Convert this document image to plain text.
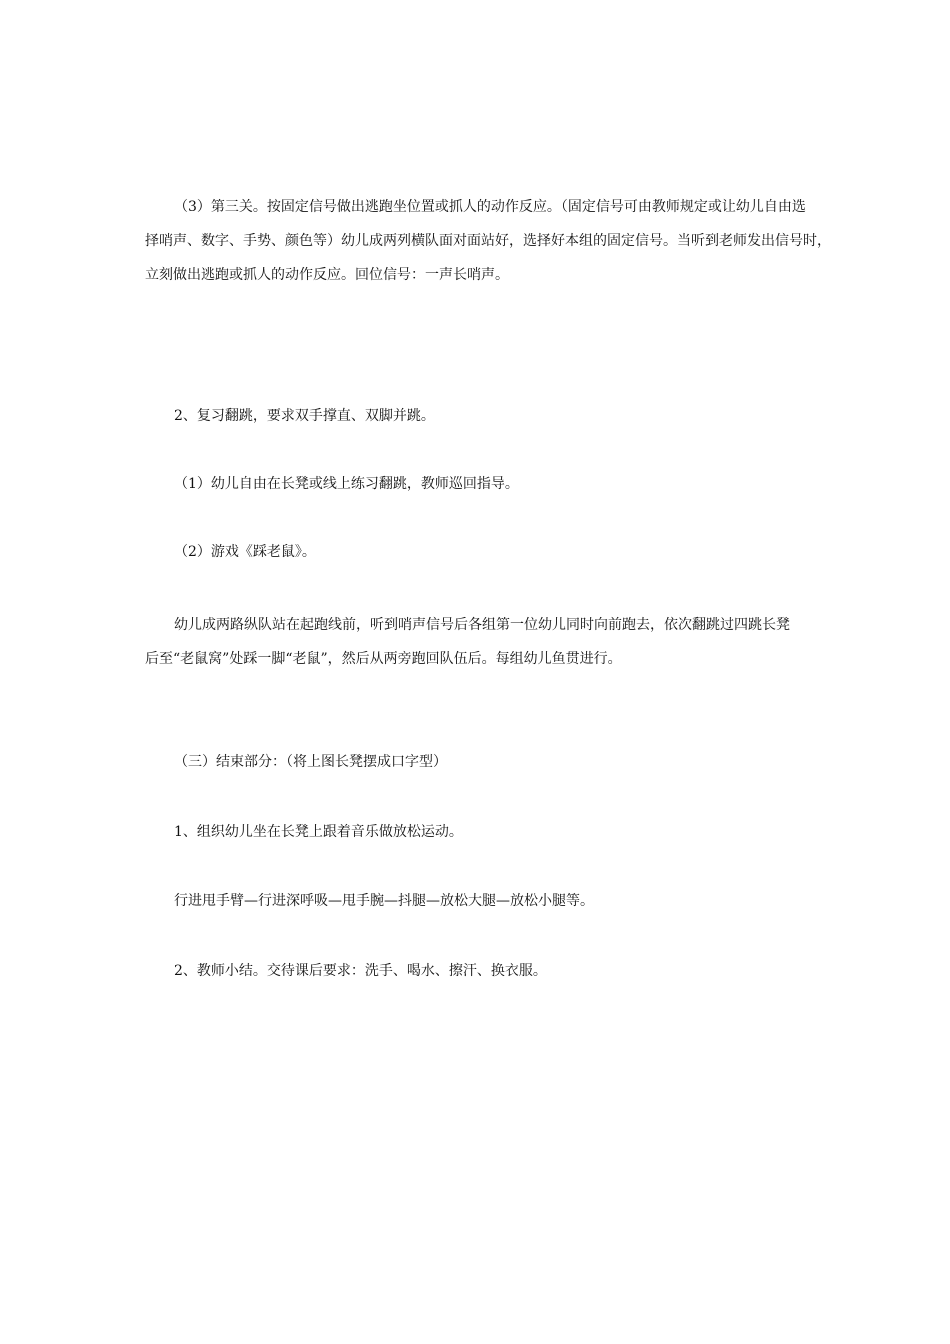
（3）第三关。按固定信号做出逃跑坐位置或抓人的动作反应。（固定信号可由教师规定或让幼儿自由选
择哨声、数字、手势、颜色等）幼儿成两列横队面对面站好，选择好本组的固定信号。当听到老师发出信号时，
立刻做出逃跑或抓人的动作反应。回位信号：一声长哨声。

2、复习翻跳，要求双手撑直、双脚并跳。

（1）幼儿自由在长凳或线上练习翻跳，教师巡回指导。

（2）游戏《踩老鼠》。

幼儿成两路纵队站在起跑线前，听到哨声信号后各组第一位幼儿同时向前跑去，依次翻跳过四跳长凳
后至“老鼠窝”处踩一脚“老鼠”，然后从两旁跑回队伍后。每组幼儿鱼贯进行。

（三）结束部分：（将上图长凳摆成口字型）

1、组织幼儿坐在长凳上跟着音乐做放松运动。

行进甩手臂—行进深呼吸—甩手腕—抖腿—放松大腿—放松小腿等。

2、教师小结。交待课后要求：洗手、喝水、擦汗、换衣服。
